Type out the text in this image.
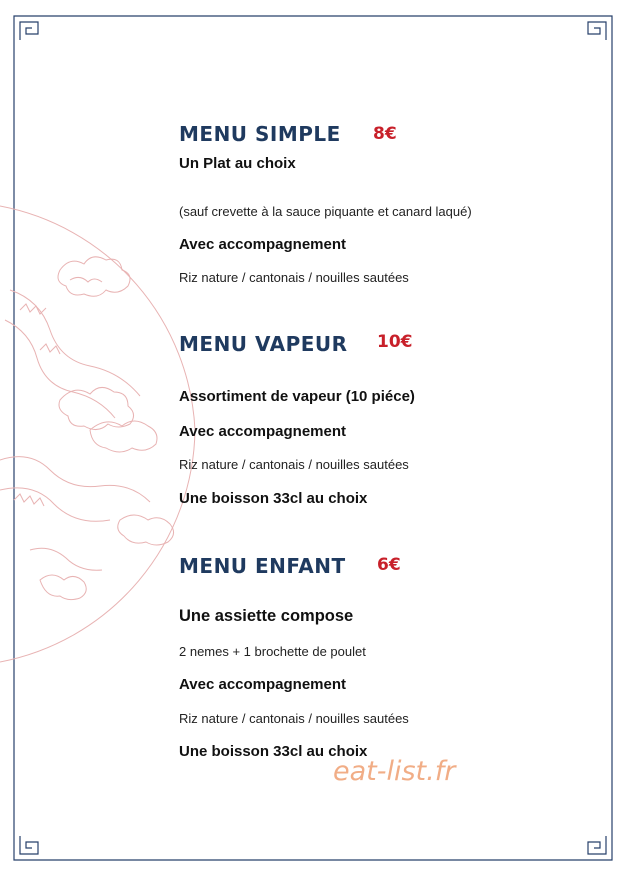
MENU SIMPLE 8€
Un Plat au choix
(sauf crevette à la sauce piquante et canard laqué)
Avec accompagnement
Riz nature / cantonais / nouilles sautées
MENU VAPEUR 10€
Assortiment de vapeur (10 piéce)
Avec accompagnement
Riz nature / cantonais / nouilles sautées
Une boisson 33cl au choix
MENU ENFANT 6€
Une assiette compose
2 nemes + 1 brochette de poulet
Avec accompagnement
Riz nature / cantonais / nouilles sautées
Une boisson 33cl au choix
eat-list.fr
